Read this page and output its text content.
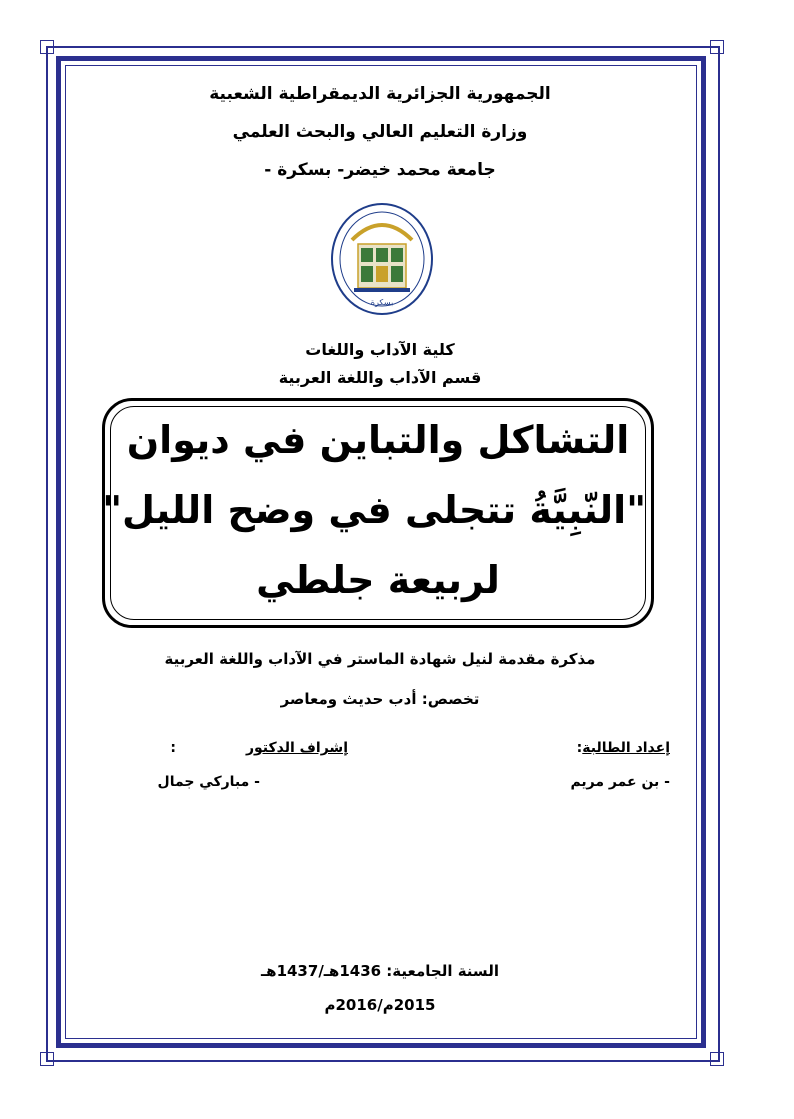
الجمهورية الجزائرية الديمقراطية الشعبية
وزارة التعليم العالي والبحث العلمي
جامعة محمد خيضر- بسكرة -
بسكرة
كلية الآداب واللغات
قسم الآداب واللغة العربية
التشاكل والتباين في ديوان
"النّبِيَّةُ تتجلى في وضح الليل"
لربيعة جلطي
مذكرة مقدمة لنيل شهادة الماستر في الآداب واللغة العربية
تخصص: أدب حديث ومعاصر
إعداد الطالبة:
- بن عمر مريم
إشراف الدكتور:
- مباركي جمال
السنة الجامعية: 1436هـ/1437هـ
2015م/2016م
